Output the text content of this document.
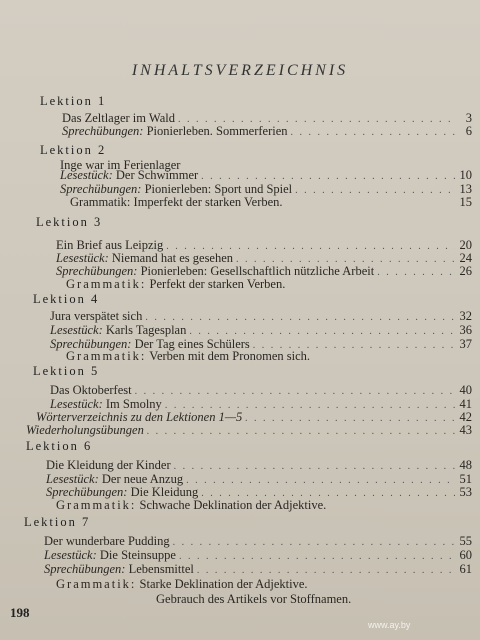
INHALTSVERZEICHNIS
Lektion 1
Das Zeltlager im Wald . . .	3
Sprechübungen: Pionierleben. Sommerferien . . .	6
Lektion 2
Inge war im Ferienlager
Lesestück: Der Schwimmer . . .	10
Sprechübungen: Pionierleben: Sport und Spiel . . .	13
Grammatik: Imperfekt der starken Verben.	15
Lektion 3
Ein Brief aus Leipzig . . .	20
Lesestück: Niemand hat es gesehen . . .	24
Sprechübungen: Pionierleben: Gesellschaftlich nützliche Arbeit . . .	26
Grammatik: Perfekt der starken Verben.
Lektion 4
Jura verspätet sich . . .	32
Lesestück: Karls Tagesplan . . .	36
Sprechübungen: Der Tag eines Schülers . . .	37
Grammatik: Verben mit dem Pronomen sich.
Lektion 5
Das Oktoberfest . . .	40
Lesestück: Im Smolny . . .	41
Wörterverzeichnis zu den Lektionen 1—5 . . .	42
Wiederholungsübungen . . .	43
Lektion 6
Die Kleidung der Kinder . . .	48
Lesestück: Der neue Anzug . . .	51
Sprechübungen: Die Kleidung . . .	53
Grammatik: Schwache Deklination der Adjektive.
Lektion 7
Der wunderbare Pudding . . .	55
Lesestück: Die Steinsuppe . . .	60
Sprechübungen: Lebensmittel . . .	61
Grammatik: Starke Deklination der Adjektive.
Gebrauch des Artikels vor Stoffnamen.
198
www.ay.by
